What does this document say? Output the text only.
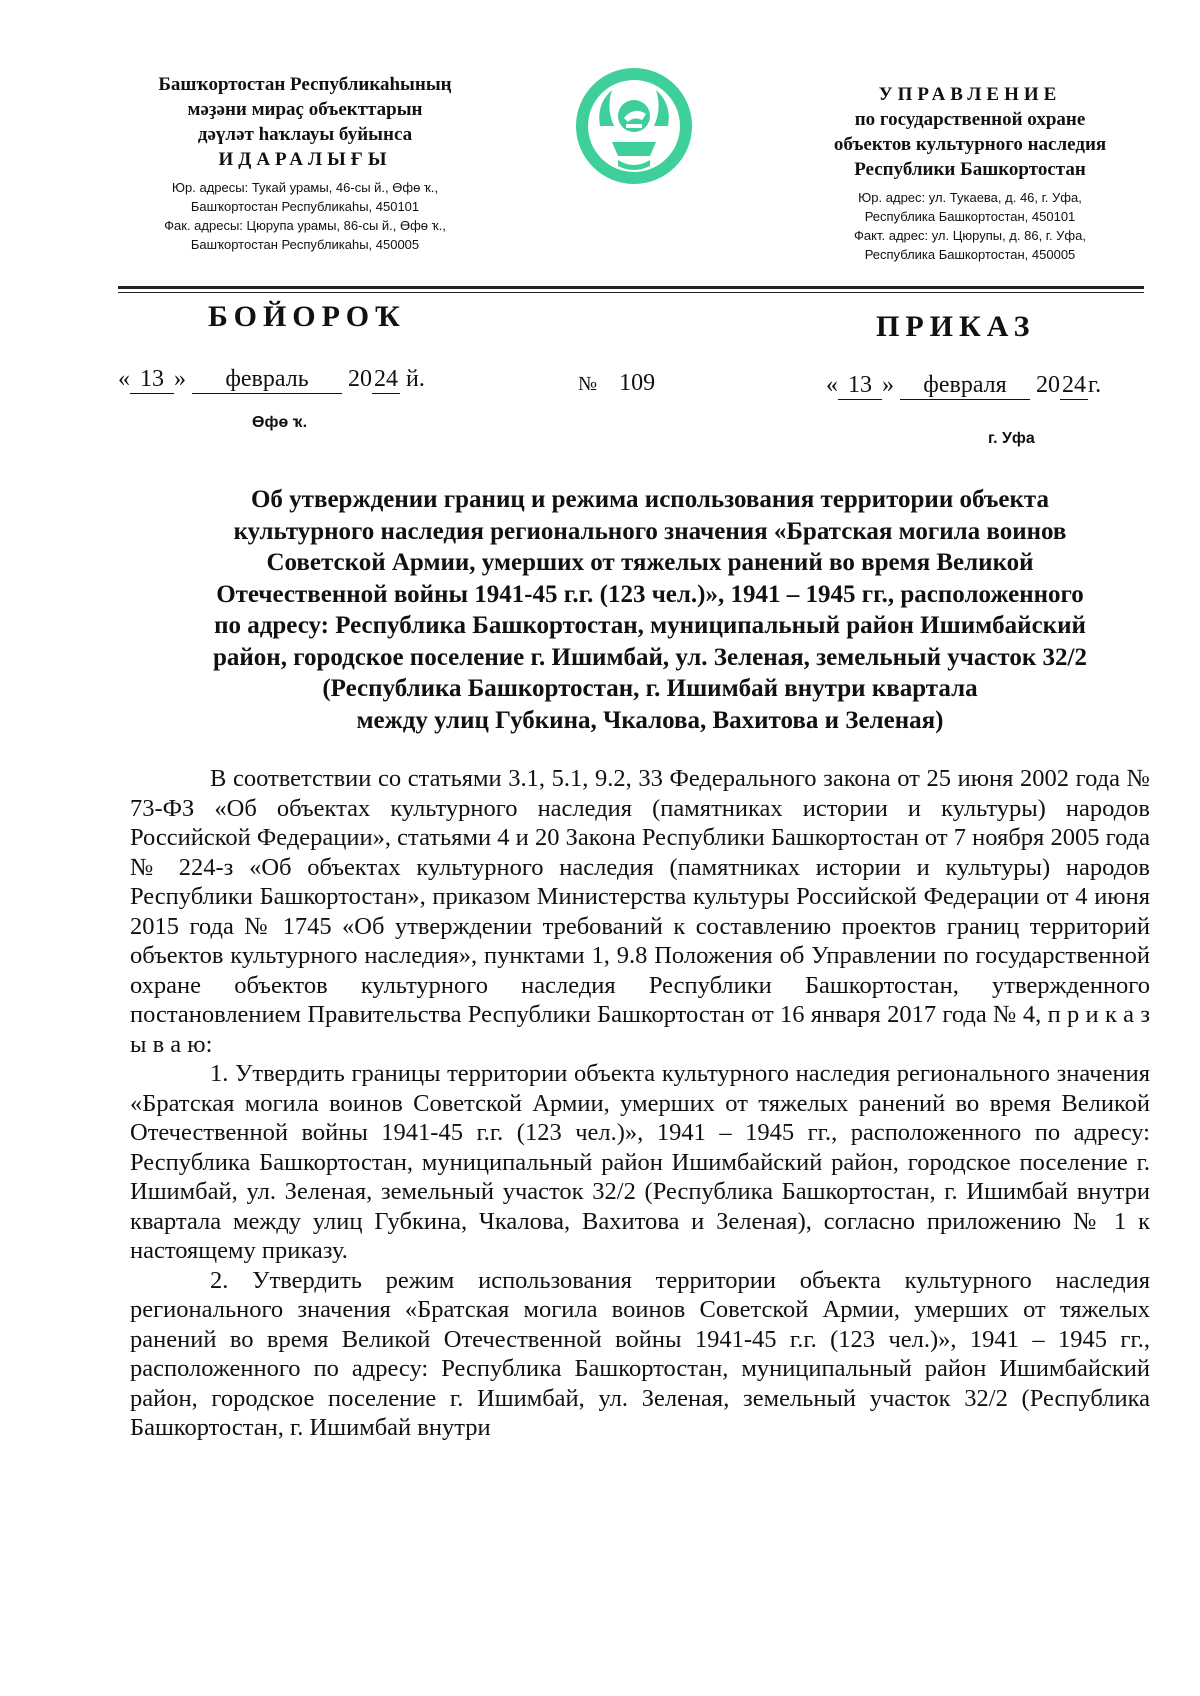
Башҡортостан Республикаһының
мәҙәни мираҫ объекттарын
дәүләт һаҡлауы буйынса
ИДАРАЛЫҒЫ
Юр. адресы: Тукай урамы, 46-сы й., Өфө ҡ.,
Башҡортостан Республикаһы, 450101
Фак. адресы: Цюрупа урамы, 86-сы й., Өфө ҡ.,
Башҡортостан Республикаһы, 450005
УПРАВЛЕНИЕ
по государственной охране
объектов культурного наследия
Республики Башкортостан
Юр. адрес: ул. Тукаева, д. 46, г. Уфа,
Республика Башкортостан, 450101
Факт. адрес: ул. Цюрупы, д. 86, г. Уфа,
Республика Башкортостан, 450005
БОЙОРОҠ	ПРИКАЗ
« 13 » февраль 2024 й.	№ 109	« 13 » февраля 2024г.
Өфө ҡ.
г. Уфа
Об утверждении границ и режима использования территории объекта
культурного наследия регионального значения «Братская могила воинов
Советской Армии, умерших от тяжелых ранений во время Великой
Отечественной войны 1941-45 г.г. (123 чел.)», 1941 – 1945 гг., расположенного
по адресу: Республика Башкортостан, муниципальный район Ишимбайский
район, городское поселение г. Ишимбай, ул. Зеленая, земельный участок 32/2
(Республика Башкортостан, г. Ишимбай внутри квартала
между улиц Губкина, Чкалова, Вахитова и Зеленая)

В соответствии со статьями 3.1, 5.1, 9.2, 33 Федерального закона от 25 июня 2002 года № 73-ФЗ «Об объектах культурного наследия (памятниках истории и культуры) народов Российской Федерации», статьями 4 и 20 Закона Республики Башкортостан от 7 ноября 2005 года № 224-з «Об объектах культурного наследия (памятниках истории и культуры) народов Республики Башкортостан», приказом Министерства культуры Российской Федерации от 4 июня 2015 года № 1745 «Об утверждении требований к составлению проектов границ территорий объектов культурного наследия», пунктами 1, 9.8 Положения об Управлении по государственной охране объектов культурного наследия Республики Башкортостан, утвержденного постановлением Правительства Республики Башкортостан от 16 января 2017 года № 4, п р и к а з ы в а ю:

1. Утвердить границы территории объекта культурного наследия регионального значения «Братская могила воинов Советской Армии, умерших от тяжелых ранений во время Великой Отечественной войны 1941-45 г.г. (123 чел.)», 1941 – 1945 гг., расположенного по адресу: Республика Башкортостан, муниципальный район Ишимбайский район, городское поселение г. Ишимбай, ул. Зеленая, земельный участок 32/2 (Республика Башкортостан, г. Ишимбай внутри квартала между улиц Губкина, Чкалова, Вахитова и Зеленая), согласно приложению № 1 к настоящему приказу.

2. Утвердить режим использования территории объекта культурного наследия регионального значения «Братская могила воинов Советской Армии, умерших от тяжелых ранений во время Великой Отечественной войны 1941-45 г.г. (123 чел.)», 1941 – 1945 гг., расположенного по адресу: Республика Башкортостан, муниципальный район Ишимбайский район, городское поселение г. Ишимбай, ул. Зеленая, земельный участок 32/2 (Республика Башкортостан, г. Ишимбай внутри
